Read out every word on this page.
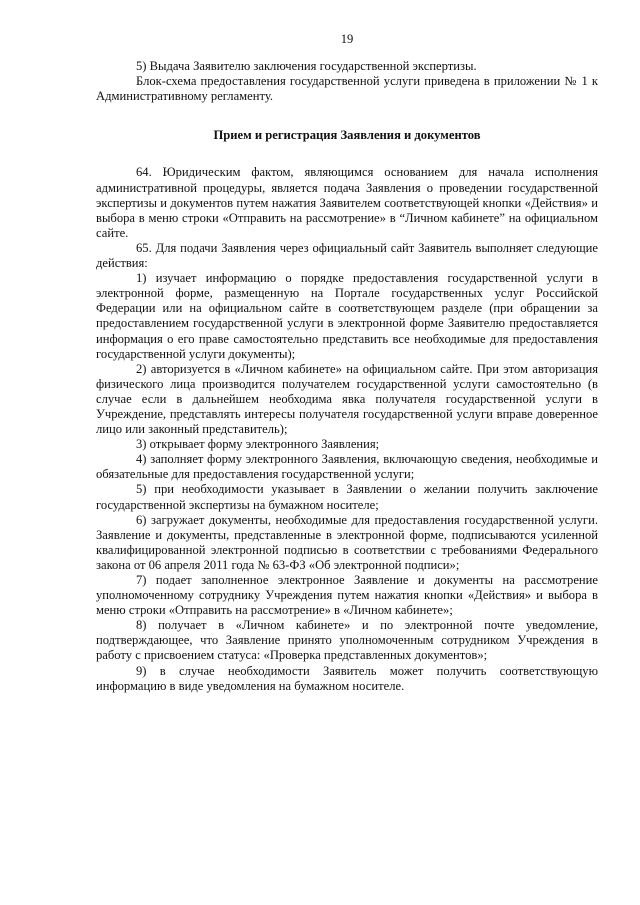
19

5) Выдача Заявителю заключения государственной экспертизы.

Блок-схема предоставления государственной услуги приведена в приложении № 1 к Административному регламенту.

Прием и регистрация Заявления и документов

64. Юридическим фактом, являющимся основанием для начала исполнения административной процедуры, является подача Заявления о проведении государственной экспертизы и документов путем нажатия Заявителем соответствующей кнопки «Действия» и выбора в меню строки «Отправить на рассмотрение» в “Личном кабинете” на официальном сайте.

65. Для подачи Заявления через официальный сайт Заявитель выполняет следующие действия:

1) изучает информацию о порядке предоставления государственной услуги в электронной форме, размещенную на Портале государственных услуг Российской Федерации или на официальном сайте в соответствующем разделе (при обращении за предоставлением государственной услуги в электронной форме Заявителю предоставляется информация о его праве самостоятельно представить все необходимые для предоставления государственной услуги документы);

2) авторизуется в «Личном кабинете» на официальном сайте. При этом авторизация физического лица производится получателем государственной услуги самостоятельно (в случае если в дальнейшем необходима явка получателя государственной услуги в Учреждение, представлять интересы получателя государственной услуги вправе доверенное лицо или законный представитель);

3) открывает форму электронного Заявления;

4) заполняет форму электронного Заявления, включающую сведения, необходимые и обязательные для предоставления государственной услуги;

5) при необходимости указывает в Заявлении о желании получить заключение государственной экспертизы на бумажном носителе;

6) загружает документы, необходимые для предоставления государственной услуги. Заявление и документы, представленные в электронной форме, подписываются усиленной квалифицированной электронной подписью в соответствии с требованиями Федерального закона от 06 апреля 2011 года № 63-ФЗ «Об электронной подписи»;

7) подает заполненное электронное Заявление и документы на рассмотрение уполномоченному сотруднику Учреждения путем нажатия кнопки «Действия» и выбора в меню строки «Отправить на рассмотрение» в «Личном кабинете»;

8) получает в «Личном кабинете» и по электронной почте уведомление, подтверждающее, что Заявление принято уполномоченным сотрудником Учреждения в работу с присвоением статуса: «Проверка представленных документов»;

9) в случае необходимости Заявитель может получить соответствующую информацию в виде уведомления на бумажном носителе.
